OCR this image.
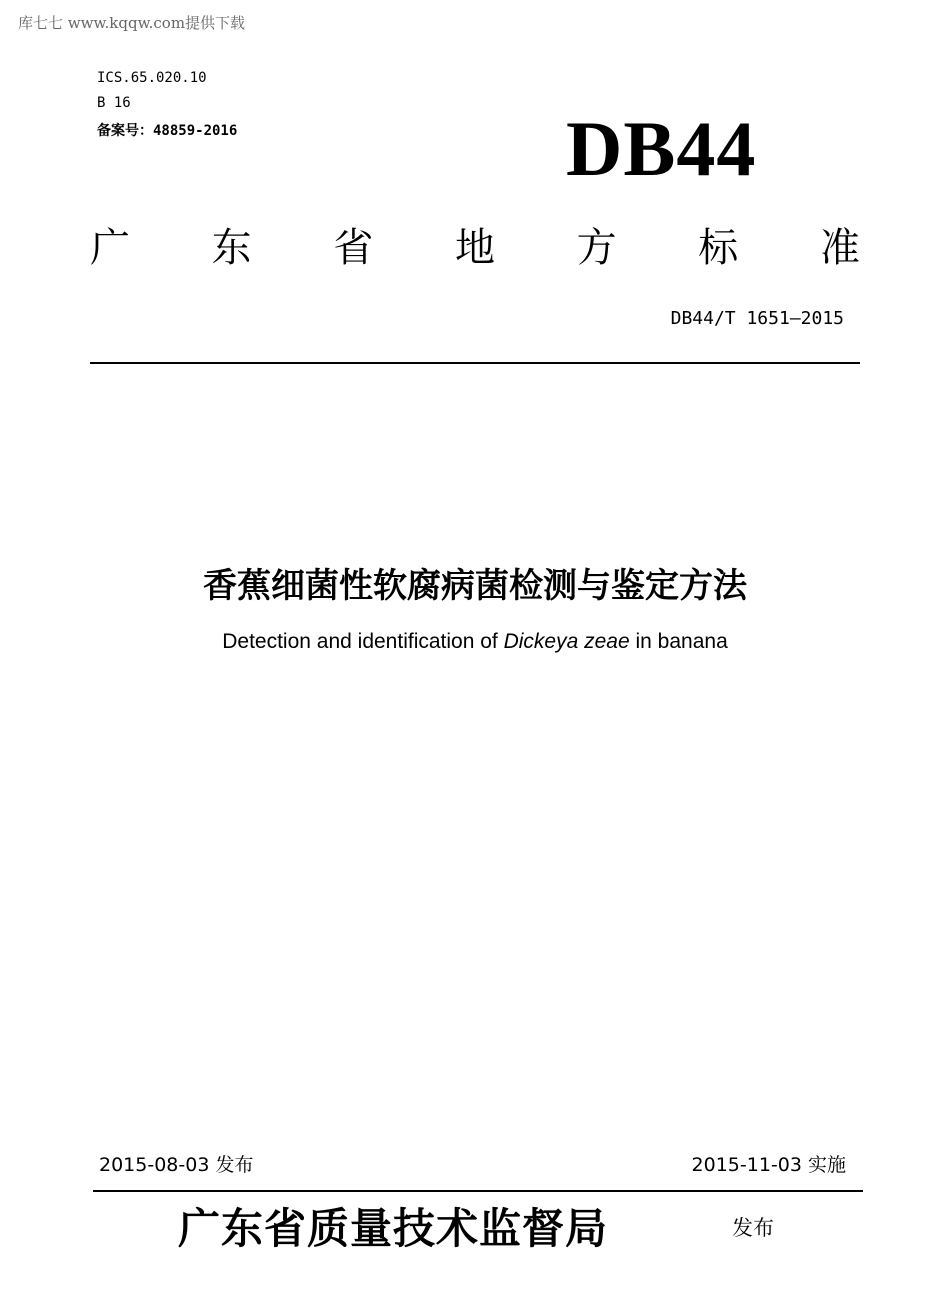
库七七 www.kqqw.com提供下载
ICS.65.020.10
B 16
备案号：48859-2016	DB44
广 东 省 地 方 标 准
DB44/T 1651—2015
香蕉细菌性软腐病菌检测与鉴定方法
Detection and identification of Dickeya zeae in banana
2015-08-03 发布	2015-11-03 实施
广东省质量技术监督局	发布
